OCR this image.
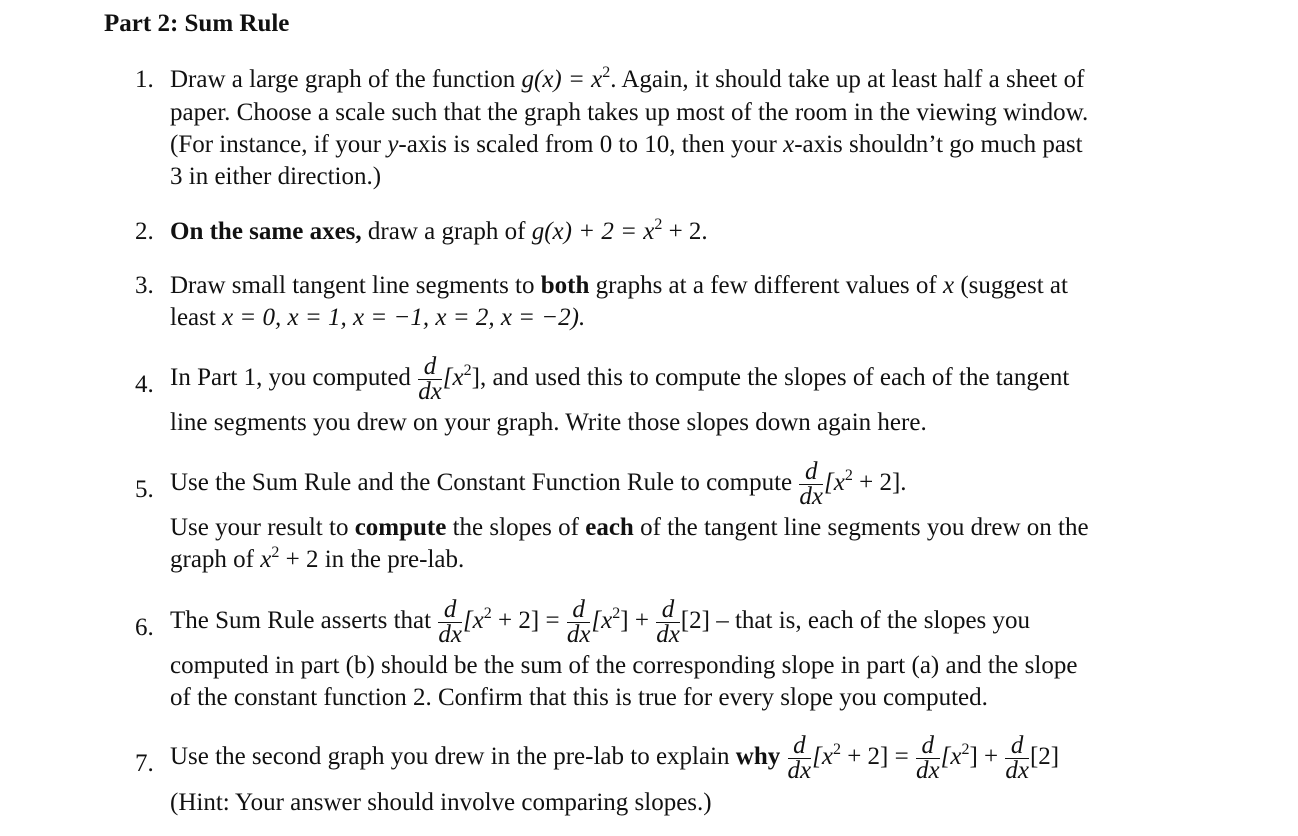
Part 2: Sum Rule
1. Draw a large graph of the function $g(x) = x^2$. Again, it should take up at least half a sheet of
paper. Choose a scale such that the graph takes up most of the room in the viewing window.
(For instance, if your y-axis is scaled from 0 to 10, then your x-axis shouldn’t go much past
3 in either direction.)
2. On the same axes, draw a graph of $g(x) + 2 = x^2 + 2$.
3. Draw small tangent line segments to both graphs at a few different values of x (suggest at
least x = 0, x = 1, x = −1, x = 2, x = −2).
4. In Part 1, you computed $\frac{d}{dx} [x^2]$, and used this to compute the slopes of each of the tangent
line segments you drew on your graph. Write those slopes down again here.
5. Use the Sum Rule and the Constant Function Rule to compute $\frac{d}{dx} [x^2 + 2]$.
Use your result to compute the slopes of each of the tangent line segments you drew on the
graph of $x^2 + 2$ in the pre-lab.
6. The Sum Rule asserts that $\frac{d}{dx} [x^2 + 2] = \frac{d}{dx} [x^2] + \frac{d}{dx} [2]$ – that is, each of the slopes you
computed in part (b) should be the sum of the corresponding slope in part (a) and the slope
of the constant function 2. Confirm that this is true for every slope you computed.
7. Use the second graph you drew in the pre-lab to explain why $\frac{d}{dx} [x^2 + 2] = \frac{d}{dx} [x^2] + \frac{d}{dx} [2]$
(Hint: Your answer should involve comparing slopes.)
